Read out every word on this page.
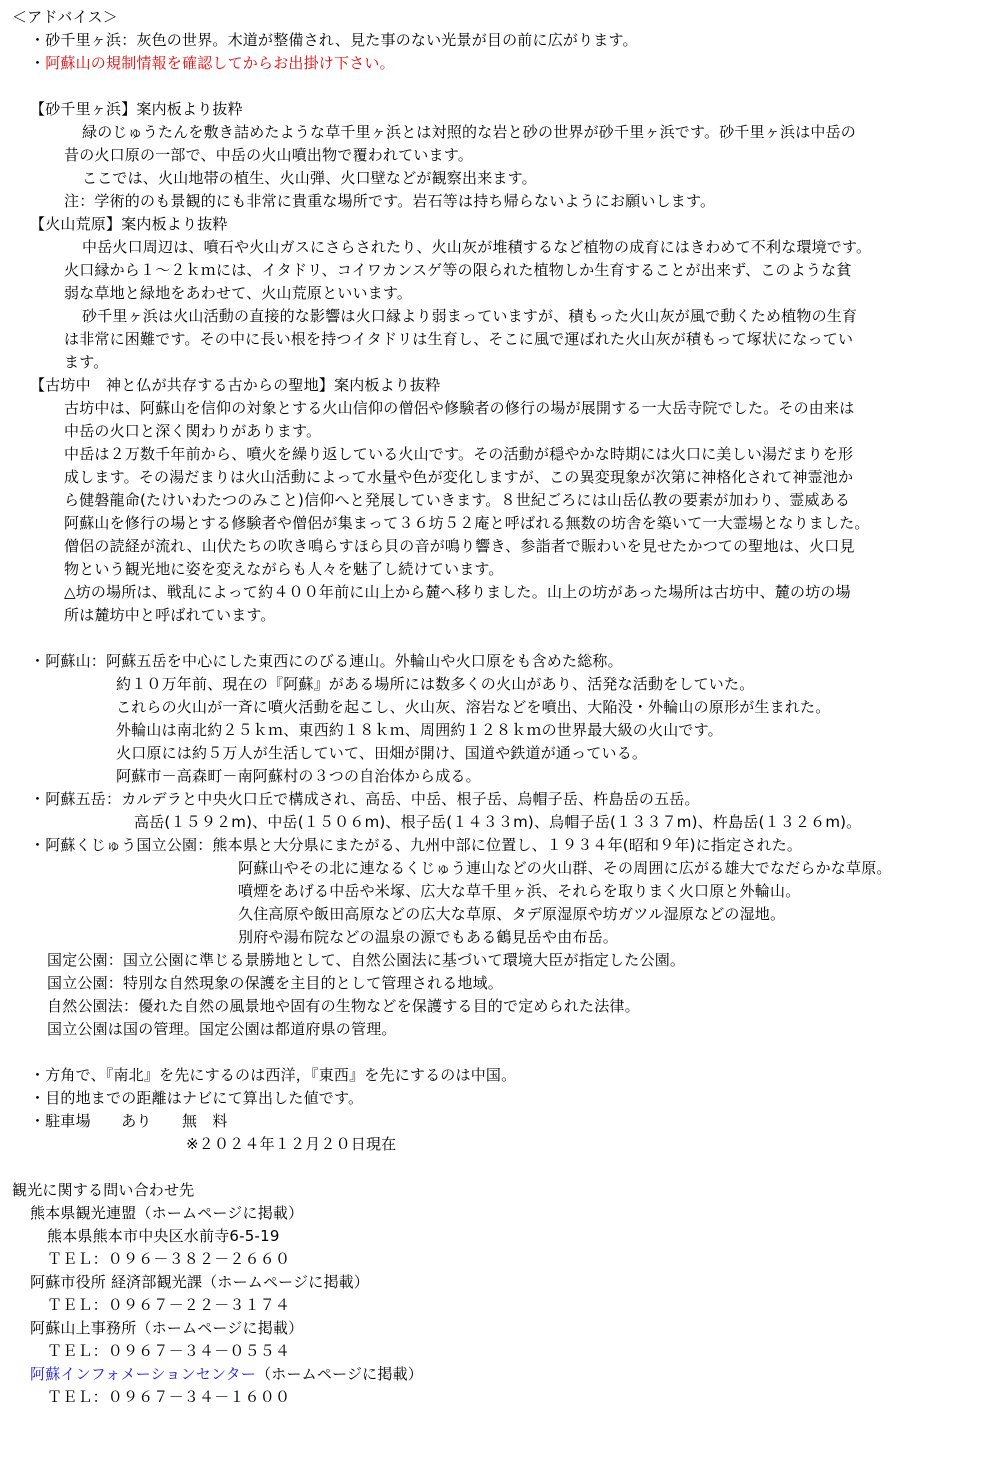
＜アドバイス＞
・砂千里ヶ浜：灰色の世界。木道が整備され、見た事のない光景が目の前に広がります。
・阿蘇山の規制情報を確認してからお出掛け下さい。
【砂千里ヶ浜】案内板より抜粋
緑のじゅうたんを敷き詰めたような草千里ヶ浜とは対照的な岩と砂の世界が砂千里ヶ浜です。砂千里ヶ浜は中岳の
昔の火口原の一部で、中岳の火山噴出物で覆われています。
ここでは、火山地帯の植生、火山弾、火口壁などが観察出来ます。
注：学術的のも景観的にも非常に貴重な場所です。岩石等は持ち帰らないようにお願いします。
【火山荒原】案内板より抜粋
中岳火口周辺は、噴石や火山ガスにさらされたり、火山灰が堆積するなど植物の成育にはきわめて不利な環境です。
火口縁から１～２ｋｍには、イタドリ、コイワカンスゲ等の限られた植物しか生育することが出来ず、このような貧
弱な草地と緑地をあわせて、火山荒原といいます。
砂千里ヶ浜は火山活動の直接的な影響は火口縁より弱まっていますが、積もった火山灰が風で動くため植物の生育
は非常に困難です。その中に長い根を持つイタドリは生育し、そこに風で運ばれた火山灰が積もって塚状になってい
ます。
【古坊中　神と仏が共存する古からの聖地】案内板より抜粋
古坊中は、阿蘇山を信仰の対象とする火山信仰の僧侶や修験者の修行の場が展開する一大岳寺院でした。その由来は
中岳の火口と深く関わりがあります。
中岳は２万数千年前から、噴火を繰り返している火山です。その活動が穏やかな時期には火口に美しい湯だまりを形
成します。その湯だまりは火山活動によって水量や色が変化しますが、この異変現象が次第に神格化されて神霊池か
ら健磐龍命(たけいわたつのみこと)信仰へと発展していきます。８世紀ごろには山岳仏教の要素が加わり、霊威ある
阿蘇山を修行の場とする修験者や僧侶が集まって３６坊５２庵と呼ばれる無数の坊舎を築いて一大霊場となりました。
僧侶の読経が流れ、山伏たちの吹き鳴らすほら貝の音が鳴り響き、参詣者で賑わいを見せたかつての聖地は、火口見
物という観光地に姿を変えながらも人々を魅了し続けています。
△坊の場所は、戦乱によって約４００年前に山上から麓へ移りました。山上の坊があった場所は古坊中、麓の坊の場
所は麓坊中と呼ばれています。
・阿蘇山：阿蘇五岳を中心にした東西にのびる連山。外輪山や火口原をも含めた総称。
約１０万年前、現在の『阿蘇』がある場所には数多くの火山があり、活発な活動をしていた。
これらの火山が一斉に噴火活動を起こし、火山灰、溶岩などを噴出、大陥没・外輪山の原形が生まれた。
外輪山は南北約２５ｋｍ、東西約１８ｋｍ、周囲約１２８ｋｍの世界最大級の火山です。
火口原には約５万人が生活していて、田畑が開け、国道や鉄道が通っている。
阿蘇市－高森町－南阿蘇村の３つの自治体から成る。
・阿蘇五岳：カルデラと中央火口丘で構成され、高岳、中岳、根子岳、烏帽子岳、杵島岳の五岳。
高岳(１５９２m)、中岳(１５０６m)、根子岳(１４３３m)、烏帽子岳(１３３７m)、杵島岳(１３２６m)。
・阿蘇くじゅう国立公園：熊本県と大分県にまたがる、九州中部に位置し、１９３４年(昭和９年)に指定された。
阿蘇山やその北に連なるくじゅう連山などの火山群、その周囲に広がる雄大でなだらかな草原。
噴煙をあげる中岳や米塚、広大な草千里ヶ浜、それらを取りまく火口原と外輪山。
久住高原や飯田高原などの広大な草原、タデ原湿原や坊ガツル湿原などの湿地。
別府や湯布院などの温泉の源でもある鶴見岳や由布岳。
国定公園：国立公園に準じる景勝地として、自然公園法に基づいて環境大臣が指定した公園。
国立公園：特別な自然現象の保護を主目的として管理される地域。
自然公園法：優れた自然の風景地や固有の生物などを保護する目的で定められた法律。
国立公園は国の管理。国定公園は都道府県の管理。
・方角で、『南北』を先にするのは西洋，『東西』を先にするのは中国。
・目的地までの距離はナビにて算出した値です。
・駐車場　　あり　　無　料
※２０２４年１２月２０日現在
観光に関する問い合わせ先
熊本県観光連盟（ホームページに掲載）
熊本県熊本市中央区水前寺6-5-19
ＴＥＬ：０９６－３８２－２６６０
阿蘇市役所 経済部観光課（ホームページに掲載）
ＴＥＬ：０９６７－２２－３１７４
阿蘇山上事務所（ホームページに掲載）
ＴＥＬ：０９６７－３４－０５５４
阿蘇インフォメーションセンター（ホームページに掲載）
ＴＥＬ：０９６７－３４－１６００
